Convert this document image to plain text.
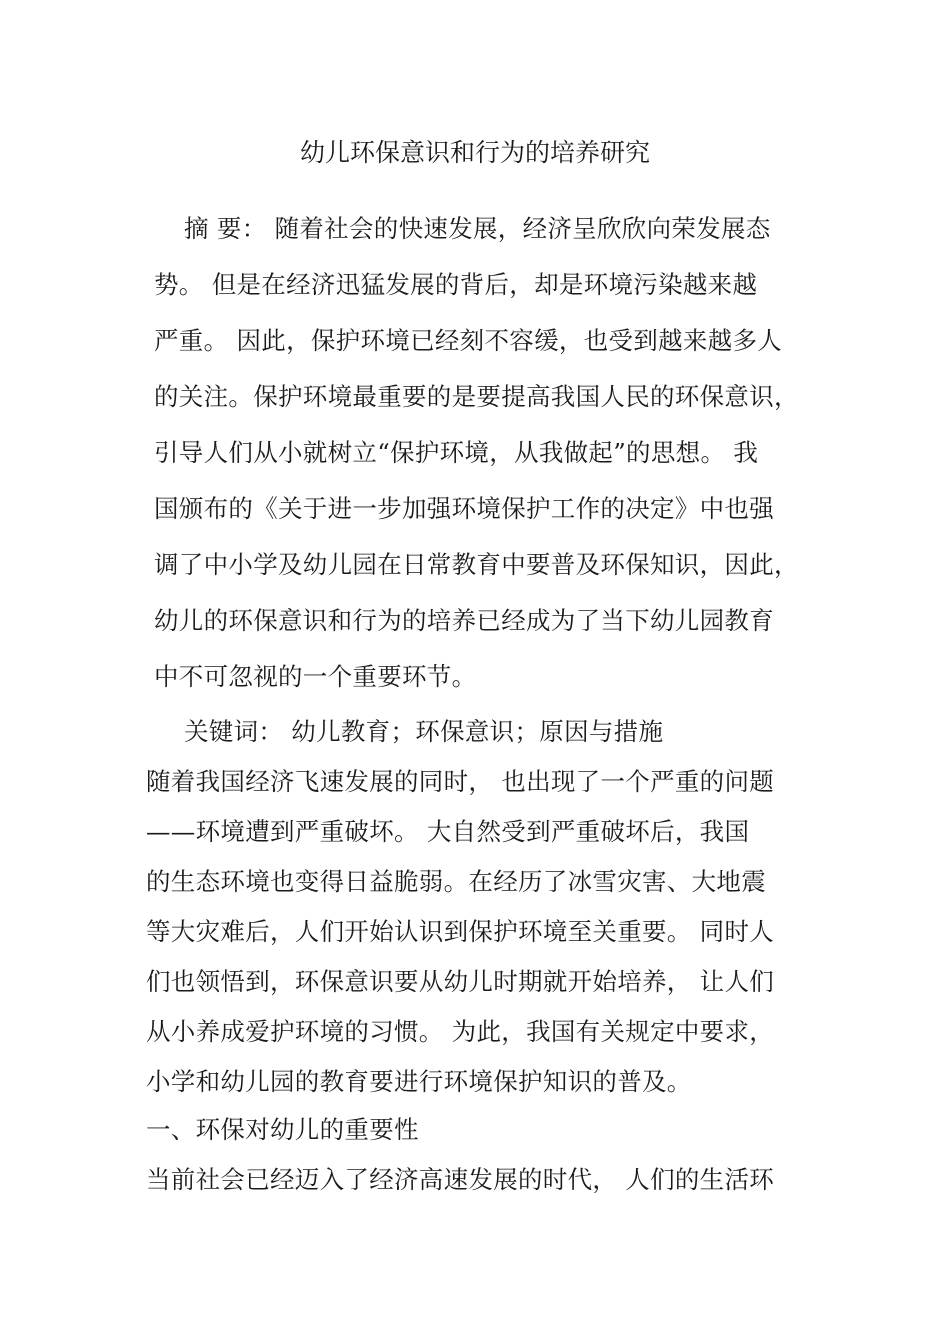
幼儿环保意识和行为的培养研究
摘 要： 随着社会的快速发展，经济呈欣欣向荣发展态
势。 但是在经济迅猛发展的背后，却是环境污染越来越
严重。 因此，保护环境已经刻不容缓，也受到越来越多人
的关注。保护环境最重要的是要提高我国人民的环保意识，
引导人们从小就树立“保护环境，从我做起”的思想。 我
国颁布的《关于进一步加强环境保护工作的决定》中也强
调了中小学及幼儿园在日常教育中要普及环保知识，因此，
幼儿的环保意识和行为的培养已经成为了当下幼儿园教育
中不可忽视的一个重要环节。
关键词： 幼儿教育；环保意识；原因与措施
随着我国经济飞速发展的同时， 也出现了一个严重的问题
——环境遭到严重破坏。 大自然受到严重破坏后，我国
的生态环境也变得日益脆弱。在经历了冰雪灾害、大地震
等大灾难后，人们开始认识到保护环境至关重要。 同时人
们也领悟到，环保意识要从幼儿时期就开始培养， 让人们
从小养成爱护环境的习惯。 为此，我国有关规定中要求，
小学和幼儿园的教育要进行环境保护知识的普及。
一、环保对幼儿的重要性
当前社会已经迈入了经济高速发展的时代， 人们的生活环
